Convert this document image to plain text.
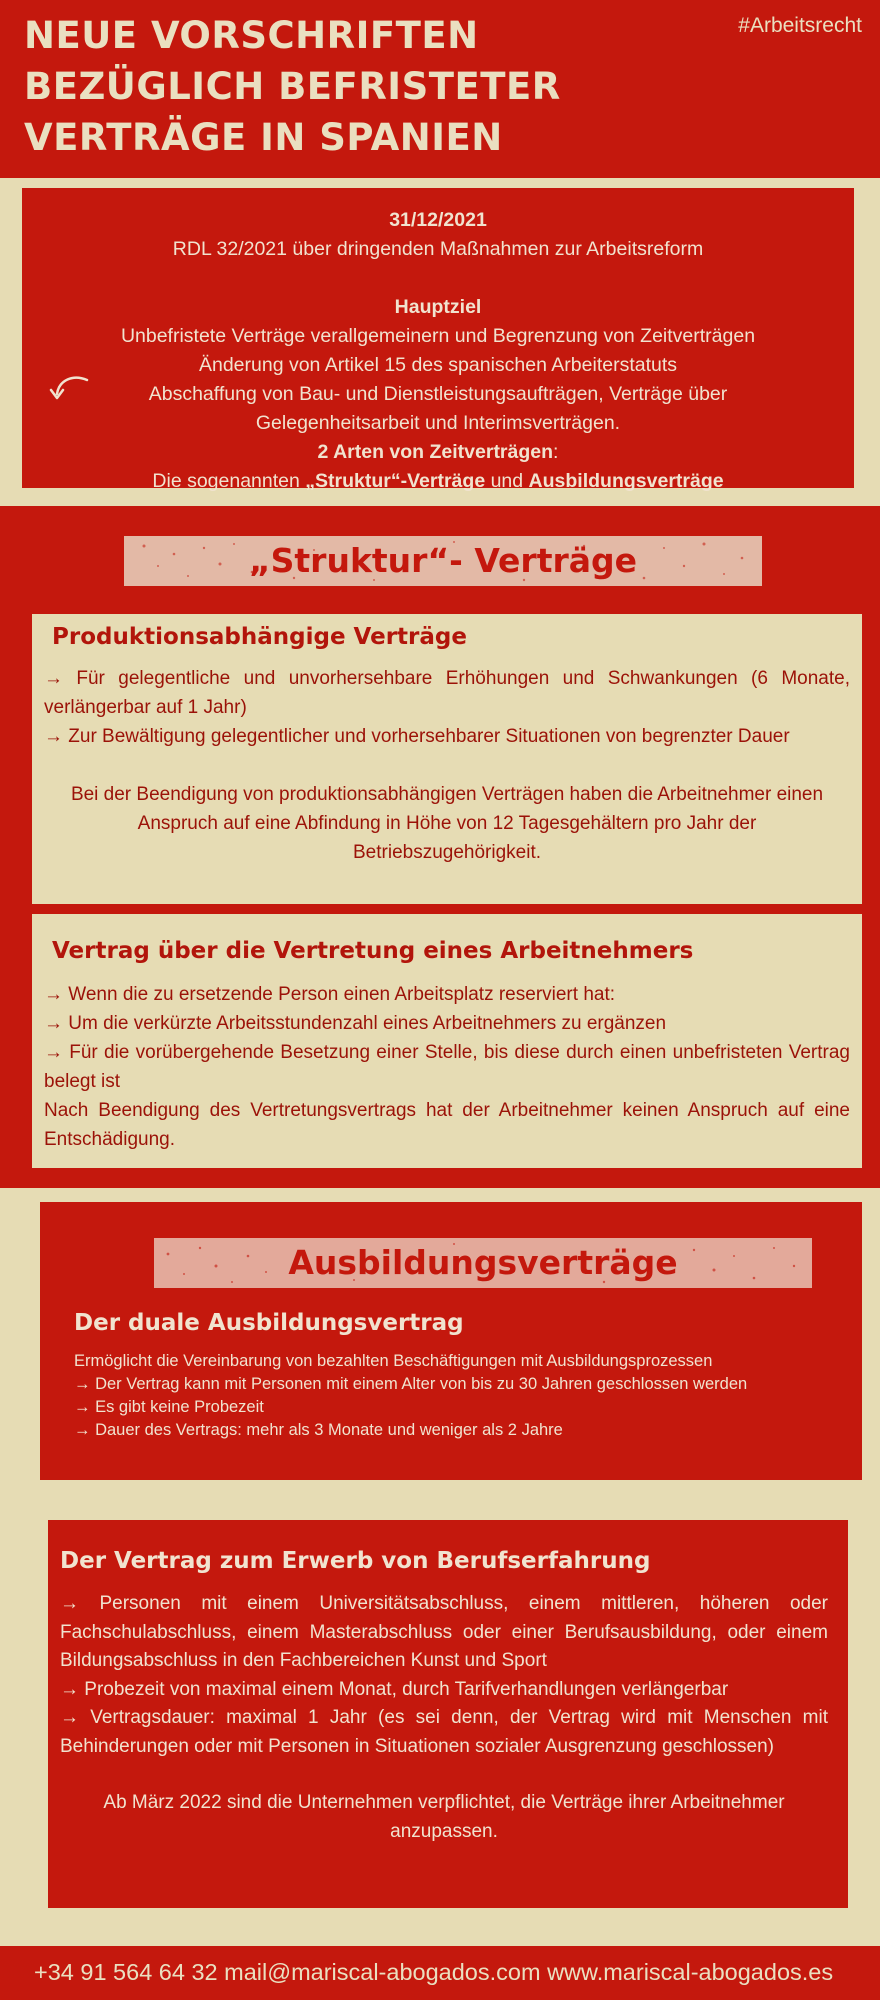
NEUE VORSCHRIFTEN
BEZÜGLICH BEFRISTETER
VERTRÄGE IN SPANIEN
#Arbeitsrecht
31/12/2021
RDL 32/2021 über dringenden Maßnahmen zur Arbeitsreform
Hauptziel
Unbefristete Verträge verallgemeinern und Begrenzung von Zeitverträgen
Änderung von Artikel 15 des spanischen Arbeiterstatuts
Abschaffung von Bau- und Dienstleistungsaufträgen, Verträge über
Gelegenheitsarbeit und Interimsverträgen.
2 Arten von Zeitverträgen:
Die sogenannten „Struktur“-Verträge und Ausbildungsverträge
„Struktur“- Verträge
Produktionsabhängige Verträge

→ Für gelegentliche und unvorhersehbare Erhöhungen und Schwankungen (6 Monate, verlängerbar auf 1 Jahr)

→ Zur Bewältigung gelegentlicher und vorhersehbarer Situationen von begrenzter Dauer

Bei der Beendigung von produktionsabhängigen Verträgen haben die Arbeitnehmer einen Anspruch auf eine Abfindung in Höhe von 12 Tagesgehältern pro Jahr der Betriebszugehörigkeit.

Vertrag über die Vertretung eines Arbeitnehmers

→ Wenn die zu ersetzende Person einen Arbeitsplatz reserviert hat:

→ Um die verkürzte Arbeitsstundenzahl eines Arbeitnehmers zu ergänzen

→ Für die vorübergehende Besetzung einer Stelle, bis diese durch einen unbefristeten Vertrag belegt ist

Nach Beendigung des Vertretungsvertrags hat der Arbeitnehmer keinen Anspruch auf eine Entschädigung.

Ausbildungsverträge
Der duale Ausbildungsvertrag
Ermöglicht die Vereinbarung von bezahlten Beschäftigungen mit Ausbildungsprozessen
→ Der Vertrag kann mit Personen mit einem Alter von bis zu 30 Jahren geschlossen werden
→ Es gibt keine Probezeit
→ Dauer des Vertrags: mehr als 3 Monate und weniger als 2 Jahre
Der Vertrag zum Erwerb von Berufserfahrung
→ Personen mit einem Universitätsabschluss, einem mittleren, höheren oder Fachschulabschluss, einem Masterabschluss oder einer Berufsausbildung, oder einem Bildungsabschluss in den Fachbereichen Kunst und Sport
→ Probezeit von maximal einem Monat, durch Tarifverhandlungen verlängerbar
→ Vertragsdauer: maximal 1 Jahr (es sei denn, der Vertrag wird mit Menschen mit Behinderungen oder mit Personen in Situationen sozialer Ausgrenzung geschlossen)
Ab März 2022 sind die Unternehmen verpflichtet, die Verträge ihrer Arbeitnehmer anzupassen.
+34 91 564 64 32 mail@mariscal-abogados.com www.mariscal-abogados.es
